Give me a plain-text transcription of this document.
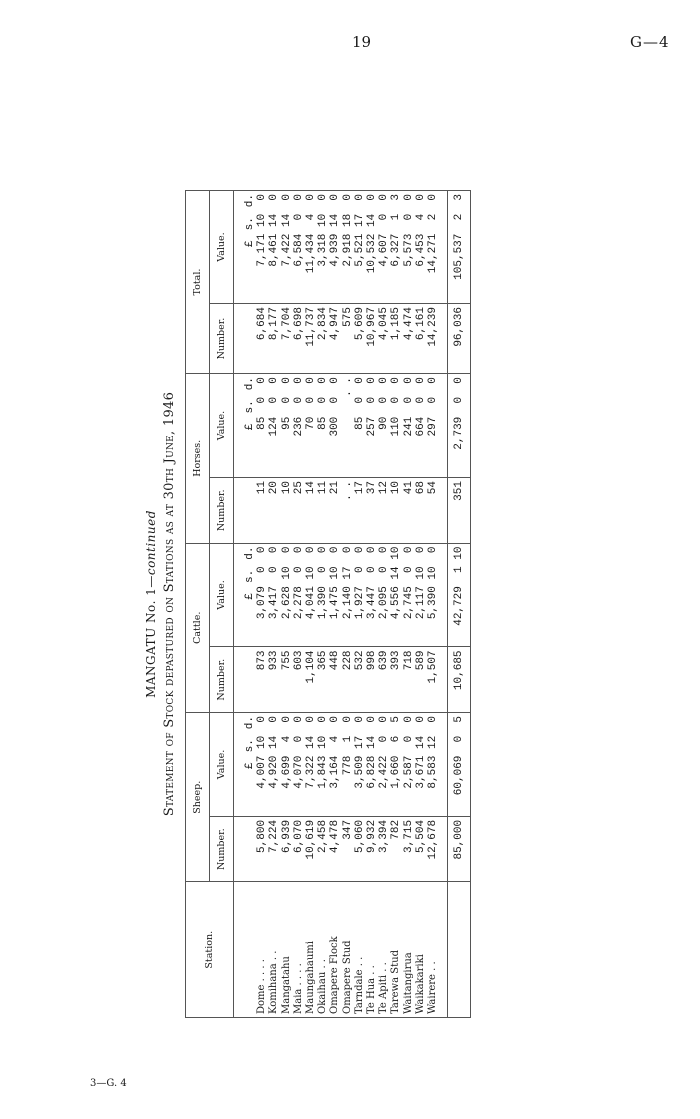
19	G—4
3—G. 4
MANGATU No. 1—continued Statement of Stock depastured on Stations as at 30th June, 1946
Station.	Sheep.		Cattle.		Horses.		Total.	
	Number.	Value.	Number.	Value.	Number.	Value.	Number.	Value.
		£s.d.		£s.d.		£s.d.		£s.d.
Dome . . . .	5,800	4,007 10  0	873	3,079  0  0	11	85  0  0	6,684	7,171 10  0
Komihana . .	7,224	4,920 14  0	933	3,417  0  0	20	124  0  0	8,177	8,461 14  0
Mangatahu	6,939	4,699  4  0	755	2,628 10  0	10	95  0  0	7,704	7,422 14  0
Maia . . . .	6,070	4,070  0  0	603	2,278  0  0	25	236  0  0	6,698	6,584  0  0
Maungahaumi	10,619	7,322 14  0	1,104	4,041 10  0	14	70  0  0	11,737	11,434  4  0
Okaihau . .	2,458	1,843 10  0	365	1,390  0  0	11	85  0  0	2,834	3,318 10  0
Omapere Flock	4,478	3,164  4  0	448	1,475 10  0	21	300  0  0	4,947	4,939 14  0
Omapere Stud	347	778  1  0	228	2,140 17  0	. .	. .	575	2,918 18  0
Tarndale . .	5,060	3,509 17  0	532	1,927  0  0	17	85  0  0	5,609	5,521 17  0
Te Hua . .	9,932	6,828 14  0	998	3,447  0  0	37	257  0  0	10,967	10,532 14  0
Te Apiti . .	3,394	2,422  0  0	639	2,095  0  0	12	90  0  0	4,045	4,607  0  0
Tarewa Stud	782	1,660  6  5	393	4,556 14 10	10	110  0  0	1,185	6,327  1  3
Waitangirua	3,715	2,587  0  0	718	2,745  0  0	41	241  0  0	4,474	5,573  0  0
Waikakariki	5,504	3,671 14  0	589	2,117 10  0	68	664  0  0	6,161	6,453  4  0
Wairere . .	12,678	8,583 12  0	1,507	5,390 10  0	54	297  0  0	14,239	14,271  2  0

	85,000	60,069  0  5	10,685	42,729  1 10	351	2,739  0  0	96,036	105,537  2  3
